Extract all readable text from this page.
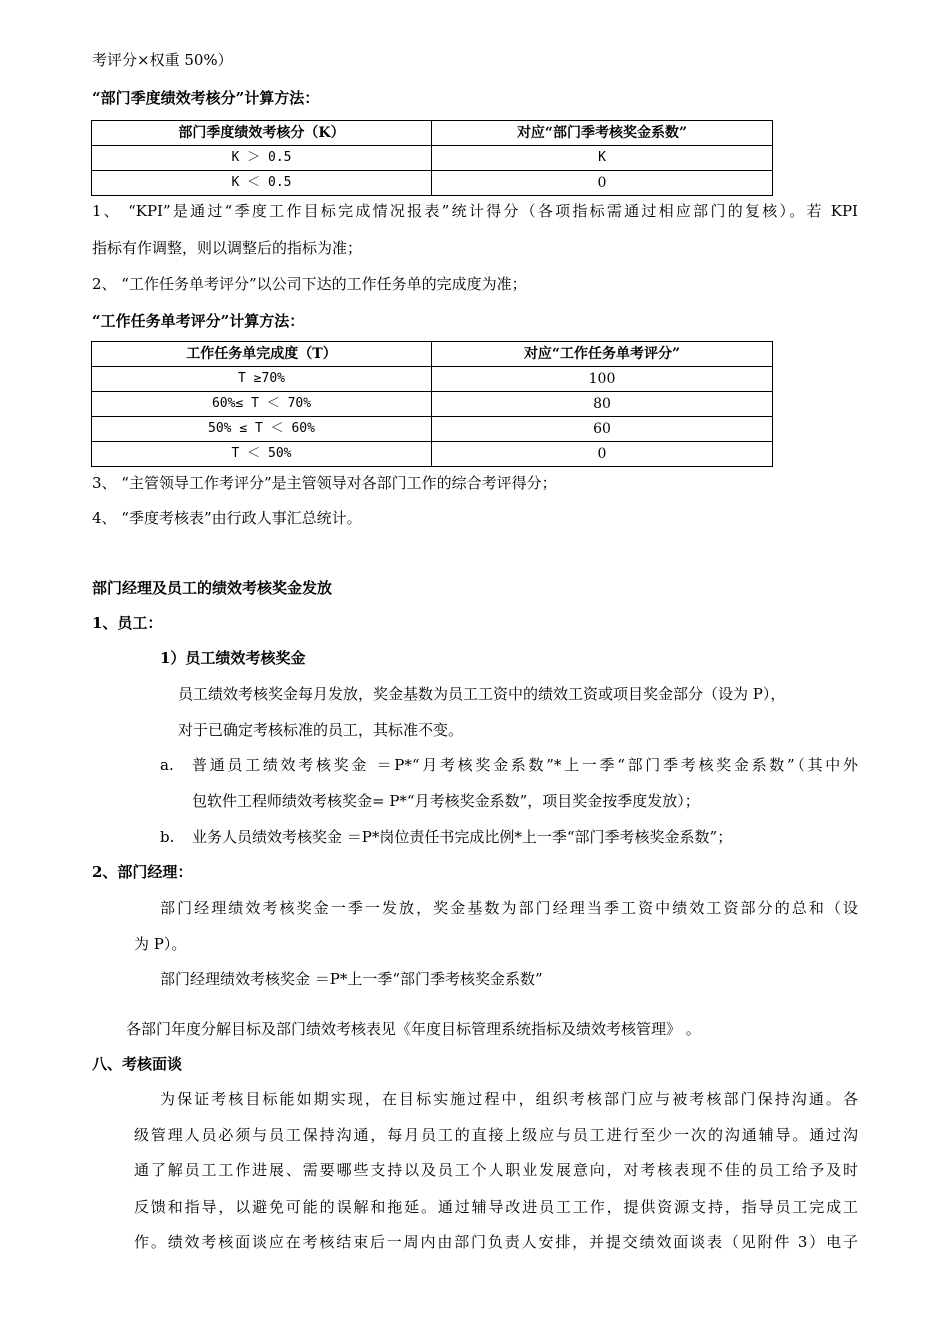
考评分×权重 50%）
“部门季度绩效考核分”计算方法：
部门季度绩效考核分（K）	对应“部门季考核奖金系数”
K ＞ 0.5	K
K ＜ 0.5	0
1、 “KPI”是通过“季度工作目标完成情况报表”统计得分（各项指标需通过相应部门的复核）。若 KPI
指标有作调整，则以调整后的指标为准；
2、 “工作任务单考评分”以公司下达的工作任务单的完成度为准；
“工作任务单考评分”计算方法：
工作任务单完成度（T）	对应“工作任务单考评分”
T ≥70%	100
60%≤ T ＜ 70%	80
50% ≤ T ＜ 60%	60
T ＜ 50%	0
3、 “主管领导工作考评分”是主管领导对各部门工作的综合考评得分；
4、 “季度考核表”由行政人事汇总统计。
部门经理及员工的绩效考核奖金发放
1、员工：
1）员工绩效考核奖金
员工绩效考核奖金每月发放，奖金基数为员工工资中的绩效工资或项目奖金部分（设为 P），
对于已确定考核标准的员工，其标准不变。
a. 普通员工绩效考核奖金 ＝P*“月考核奖金系数”*上一季“部门季考核奖金系数”（其中外
包软件工程师绩效考核奖金= P*“月考核奖金系数”，项目奖金按季度发放）；
b. 业务人员绩效考核奖金 ＝P*岗位责任书完成比例*上一季“部门季考核奖金系数”；
2、部门经理：
部门经理绩效考核奖金一季一发放，奖金基数为部门经理当季工资中绩效工资部分的总和（设
为 P）。
部门经理绩效考核奖金 ＝P*上一季“部门季考核奖金系数”
各部门年度分解目标及部门绩效考核表见《年度目标管理系统指标及绩效考核管理》 。
八、考核面谈
为保证考核目标能如期实现，在目标实施过程中，组织考核部门应与被考核部门保持沟通。各
级管理人员必须与员工保持沟通，每月员工的直接上级应与员工进行至少一次的沟通辅导。通过沟
通了解员工工作进展、需要哪些支持以及员工个人职业发展意向，对考核表现不佳的员工给予及时
反馈和指导，以避免可能的误解和拖延。通过辅导改进员工工作，提供资源支持，指导员工完成工
作。绩效考核面谈应在考核结束后一周内由部门负责人安排，并提交绩效面谈表（见附件 3）电子
